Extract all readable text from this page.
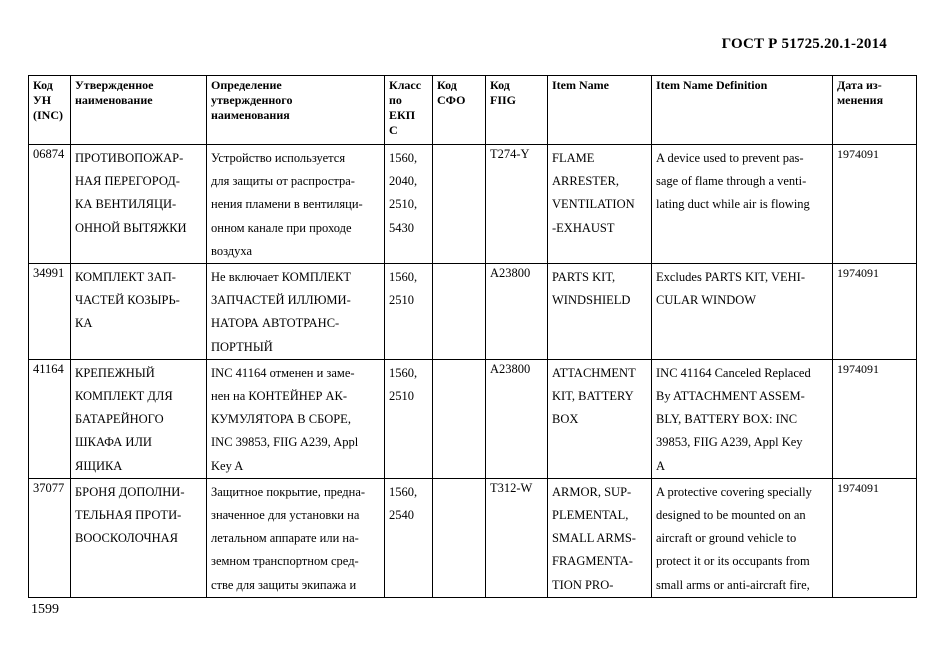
ГОСТ Р 51725.20.1-2014
Код
УН
(INC)	Утвержденное
наименование	Определение
утвержденного
наименования	Класс
по
ЕКП
С	Код
СФО	Код
FIIG	Item Name	Item Name Definition	Дата из-
менения
06874	ПРОТИВОПОЖАР-
НАЯ ПЕРЕГОРОД-
КА ВЕНТИЛЯЦИ-
ОННОЙ ВЫТЯЖКИ	Устройство используется
для защиты от распростра-
нения пламени в вентиляци-
онном канале при проходе
воздуха	1560,
2040,
2510,
5430		T274-Y	FLAME
ARRESTER,
VENTILATION
-EXHAUST	A device used to prevent pas-
sage of flame through a venti-
lating duct while air is flowing	1974091
34991	КОМПЛЕКТ ЗАП-
ЧАСТЕЙ КОЗЫРЬ-
КА	Не включает КОМПЛЕКТ
ЗАПЧАСТЕЙ ИЛЛЮМИ-
НАТОРА АВТОТРАНС-
ПОРТНЫЙ	1560,
2510		A23800	PARTS KIT,
WINDSHIELD	Excludes PARTS KIT, VEHI-
CULAR WINDOW	1974091
41164	КРЕПЕЖНЫЙ
КОМПЛЕКТ ДЛЯ
БАТАРЕЙНОГО
ШКАФА ИЛИ
ЯЩИКА	INC 41164 отменен и заме-
нен на КОНТЕЙНЕР АК-
КУМУЛЯТОРА В СБОРЕ,
INC 39853, FIIG A239, Appl
Key A	1560,
2510		A23800	ATTACHMENT
KIT, BATTERY
BOX	INC 41164 Canceled Replaced
By ATTACHMENT ASSEM-
BLY, BATTERY BOX: INC
39853, FIIG A239, Appl Key
A	1974091
37077	БРОНЯ ДОПОЛНИ-
ТЕЛЬНАЯ ПРОТИ-
ВООСКОЛОЧНАЯ	Защитное покрытие, предна-
значенное для установки на
летальном аппарате или на-
земном транспортном сред-
стве для защиты экипажа и	1560,
2540		T312-W	ARMOR, SUP-
PLEMENTAL,
SMALL ARMS-
FRAGMENTA-
TION PRO-	A protective covering specially
designed to be mounted on an
aircraft or ground vehicle to
protect it or its occupants from
small arms or anti-aircraft fire,	1974091
1599
